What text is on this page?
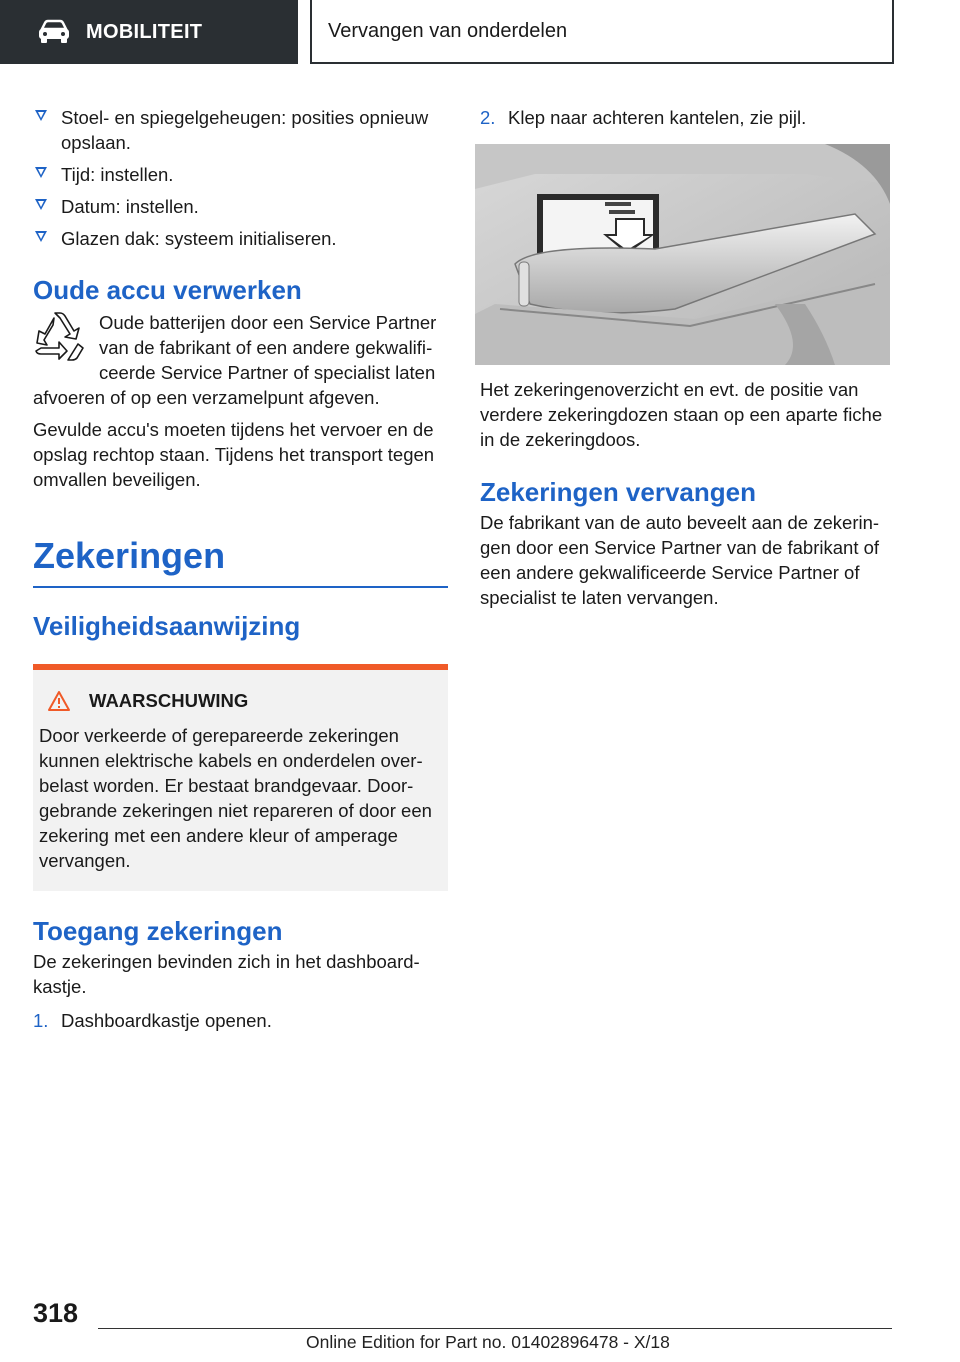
MOBILITEIT	Vervangen van onderdelen
Stoel- en spiegelgeheugen: posities opnieuw opslaan.
Tijd: instellen.
Datum: instellen.
Glazen dak: systeem initialiseren.
Oude accu verwerken

Oude batterijen door een Service Partner van de fabrikant of een andere gekwalificeerde Service Partner of specialist laten afvoeren of op een verzamelpunt afgeven.

Gevulde accu's moeten tijdens het vervoer en de opslag rechtop staan. Tijdens het transport tegen omvallen beveiligen.

Zekeringen
Veiligheidsaanwijzing
WAARSCHUWING

Door verkeerde of gerepareerde zekeringen kunnen elektrische kabels en onderdelen overbelast worden. Er bestaat brandgevaar. Doorgebrande zekeringen niet repareren of door een zekering met een andere kleur of amperage vervangen.

Toegang zekeringen

De zekeringen bevinden zich in het dashboardkastje.

1. Dashboardkastje openen.
2. Klep naar achteren kantelen, zie pijl.

Het zekeringenoverzicht en evt. de positie van verdere zekeringdozen staan op een aparte fiche in de zekeringdoos.

Zekeringen vervangen

De fabrikant van de auto beveelt aan de zekeringen door een Service Partner van de fabrikant of een andere gekwalificeerde Service Partner of specialist te laten vervangen.

318
Online Edition for Part no. 01402896478 - X/18
